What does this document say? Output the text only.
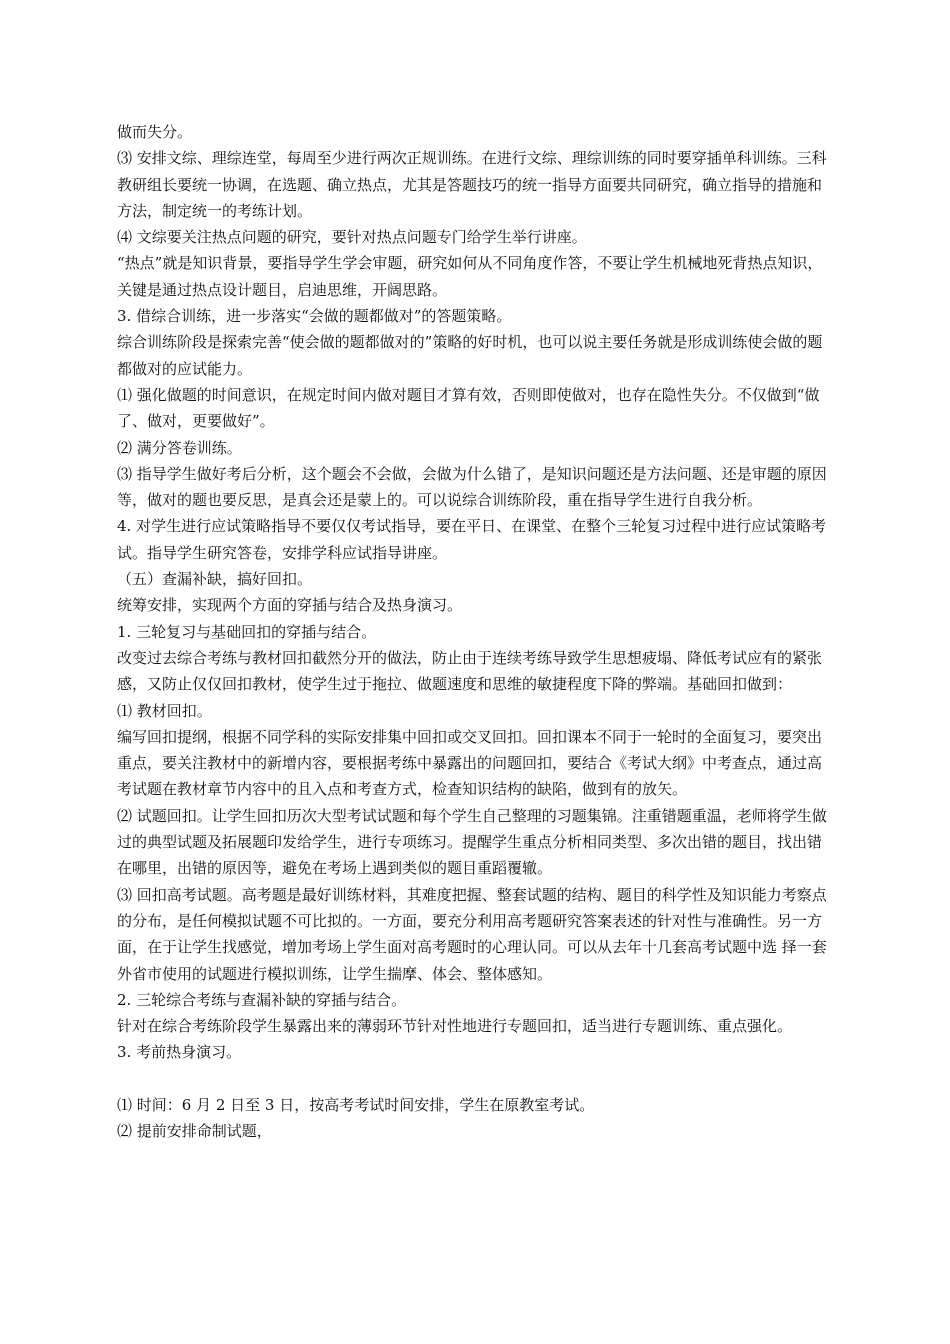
做而失分。

⑶ 安排文综、理综连堂，每周至少进行两次正规训练。在进行文综、理综训练的同时要穿插单科训练。三科教研组长要统一协调，在选题、确立热点，尤其是答题技巧的统一指导方面要共同研究，确立指导的措施和方法，制定统一的考练计划。

⑷ 文综要关注热点问题的研究，要针对热点问题专门给学生举行讲座。

“热点”就是知识背景，要指导学生学会审题，研究如何从不同角度作答，不要让学生机械地死背热点知识，关键是通过热点设计题目，启迪思维，开阔思路。

3. 借综合训练，进一步落实“会做的题都做对”的答题策略。

综合训练阶段是探索完善“使会做的题都做对的”策略的好时机，也可以说主要任务就是形成训练使会做的题都做对的应试能力。

⑴ 强化做题的时间意识，在规定时间内做对题目才算有效，否则即使做对，也存在隐性失分。不仅做到“做了、做对，更要做好”。

⑵ 满分答卷训练。

⑶ 指导学生做好考后分析，这个题会不会做，会做为什么错了，是知识问题还是方法问题、还是审题的原因等，做对的题也要反思，是真会还是蒙上的。可以说综合训练阶段，重在指导学生进行自我分析。

4. 对学生进行应试策略指导不要仅仅考试指导，要在平日、在课堂、在整个三轮复习过程中进行应试策略考试。指导学生研究答卷，安排学科应试指导讲座。

（五）查漏补缺，搞好回扣。

统筹安排，实现两个方面的穿插与结合及热身演习。

1. 三轮复习与基础回扣的穿插与结合。

改变过去综合考练与教材回扣截然分开的做法，防止由于连续考练导致学生思想疲塌、降低考试应有的紧张感，又防止仅仅回扣教材，使学生过于拖拉、做题速度和思维的敏捷程度下降的弊端。基础回扣做到：

⑴ 教材回扣。

编写回扣提纲，根据不同学科的实际安排集中回扣或交叉回扣。回扣课本不同于一轮时的全面复习，要突出重点，要关注教材中的新增内容，要根据考练中暴露出的问题回扣，要结合《考试大纲》中考查点，通过高考试题在教材章节内容中的且入点和考查方式，检查知识结构的缺陷，做到有的放矢。

⑵ 试题回扣。让学生回扣历次大型考试试题和每个学生自己整理的习题集锦。注重错题重温，老师将学生做过的典型试题及拓展题印发给学生，进行专项练习。提醒学生重点分析相同类型、多次出错的题目，找出错在哪里，出错的原因等，避免在考场上遇到类似的题目重蹈覆辙。

⑶ 回扣高考试题。高考题是最好训练材料，其难度把握、整套试题的结构、题目的科学性及知识能力考察点的分布，是任何模拟试题不可比拟的。一方面，要充分利用高考题研究答案表述的针对性与准确性。另一方面，在于让学生找感觉，增加考场上学生面对高考题时的心理认同。可以从去年十几套高考试题中选 择一套外省市使用的试题进行模拟训练，让学生揣摩、体会、整体感知。

2. 三轮综合考练与查漏补缺的穿插与结合。

针对在综合考练阶段学生暴露出来的薄弱环节针对性地进行专题回扣，适当进行专题训练、重点强化。

3. 考前热身演习。

⑴ 时间：6 月 2 日至 3 日，按高考考试时间安排，学生在原教室考试。

⑵ 提前安排命制试题，
